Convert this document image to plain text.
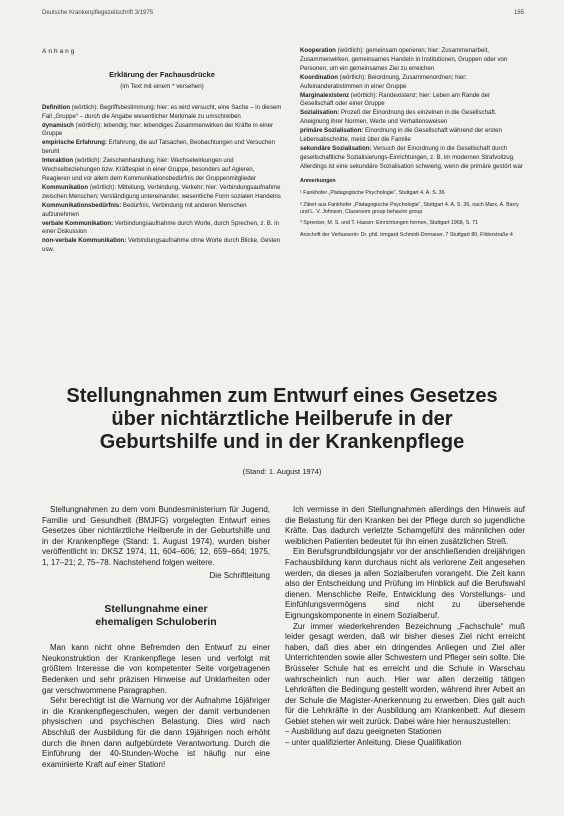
Deutsche Krankenpflegezeitschrift 3/1975	185
Anhang
Erklärung der Fachausdrücke
(im Text mit einem * versehen)

Definition (wörtlich): Begriffsbestimmung; hier: es wird versucht, eine Sache – in diesem Fall „Gruppe“ – durch die Angabe wesentlicher Merkmale zu umschreiben

dynamisch (wörtlich): lebendig; hier: lebendiges Zusammenwirken der Kräfte in einer Gruppe

empirische Erfahrung: Erfahrung, die auf Tatsachen, Beobachtungen und Versuchen beruht

Interaktion (wörtlich): Zwischenhandlung; hier: Wechselwirkungen und Wechselbeziehungen bzw. Kräftespiel in einer Gruppe, besonders auf Agieren, Reagieren und vor allem dem Kommunikationsbedürfnis der Gruppenmitglieder

Kommunikation (wörtlich): Mitteilung, Verbindung, Verkehr; hier: Verbindungsaufnahme zwischen Menschen; Verständigung untereinander, wesentliche Form sozialen Handelns

Kommunikationsbedürfnis: Bedürfnis, Verbindung mit anderen Menschen aufzunehmen

verbale Kommunikation: Verbindungsaufnahme durch Worte, durch Sprechen, z. B. in einer Diskussion

non-verbale Kommunikation: Verbindungsaufnahme ohne Worte durch Blicke, Gesten usw.

Kooperation (wörtlich): gemeinsam operieren; hier: Zusammenarbeit, Zusammenwirken, gemeinsames Handeln in Institutionen, Gruppen oder von Personen, um ein gemeinsames Ziel zu erreichen

Koordination (wörtlich): Beiordnung, Zusammenordnen; hier: Aufeinanderabstimmen in einer Gruppe

Marginalexistenz (wörtlich): Randexistenz; hier: Leben am Rande der Gesellschaft oder einer Gruppe

Sozialisation: Prozeß der Einordnung des einzelnen in die Gesellschaft. Aneignung ihrer Normen, Werte und Verhaltensweisen

primäre Sozialisation: Einordnung in die Gesellschaft während der ersten Lebensabschnitte, meist über die Familie

sekundäre Sozialisation: Versuch der Einordnung in die Gesellschaft durch gesellschaftliche Sozialisierungs-Einrichtungen, z. B. im modernen Strafvollzug. Allerdings ist eine sekundäre Sozialisation schwierig, wenn die primäre gestört war

Anmerkungen
¹ Fankhofer „Pädagogische Psychologie“, Stuttgart 4. A. S. 36
² Zitiert aus Fankhofer „Pädagogische Psychologie“, Stuttgart 4. A. S. 36, nach Marx, A. Barry und L. V. Johnson, Classroom group behavior group
³ Sprenker, M. S. und T. Hassin: Einrichtungen formen, Stuttgart 1968, S. 71
Anschrift der Verfasserin: Dr. phil. Irmgard Schmidt-Dornauer, 7 Stuttgart 80, Filderstraße 4
Stellungnahmen zum Entwurf eines Gesetzes
über nichtärztliche Heilberufe in der
Geburtshilfe und in der Krankenpflege
(Stand: 1. August 1974)

Stellungnahmen zu dem vom Bundesministerium für Jugend, Familie und Gesundheit (BMJFG) vorgelegten Entwurf eines Gesetzes über nichtärztliche Heilberufe in der Geburtshilfe und in der Krankenpflege (Stand: 1. August 1974), wurden bisher veröffentlicht in: DKSZ 1974, 11, 604–606; 12, 659–664; 1975, 1, 17–21; 2, 75–78. Nachstehend folgen weitere.

Die Schriftleitung
Stellungnahme einer
ehemaligen Schuloberin

Man kann nicht ohne Befremden den Entwurf zu einer Neukonstruktion der Krankenpflege lesen und verfolgt mit größtem Interesse die von kompetenter Seite vorgetragenen Bedenken und sehr präzisen Hinweise auf Unklarheiten oder gar verschwommene Paragraphen.

Sehr berechtigt ist die Warnung vor der Aufnahme 16jähriger in die Krankenpflegeschulen, wegen der damit verbundenen physischen und psychischen Belastung. Dies wird nach Abschluß der Ausbildung für die dann 19jährigen noch erhöht durch die ihnen dann aufgebürdete Verantwortung. Durch die Einführung der 40-Stunden-Woche ist häufig nur eine examinierte Kraft auf einer Station!

Ich vermisse in den Stellungnahmen allerdings den Hinweis auf die Belastung für den Kranken bei der Pflege durch so jugendliche Kräfte. Das dadurch verletzte Schamgefühl des männlichen oder weiblichen Patienten bedeutet für ihn einen zusätzlichen Streß.

Ein Berufsgrundbildungsjahr vor der anschließenden dreijährigen Fachausbildung kann durchaus nicht als verlorene Zeit angesehen werden, da dieses ja allen Sozialberufen vorangeht. Die Zeit kann also der Entscheidung und Prüfung im Hinblick auf die Berufswahl dienen. Menschliche Reife, Entwicklung des Vorstellungs- und Einfühlungsvermögens sind nicht zu übersehende Eignungskomponente in einem Sozialberuf.

Zur immer wiederkehrenden Bezeichnung „Fachschule“ muß leider gesagt werden, daß wir bisher dieses Ziel nicht erreicht haben, daß dies aber ein dringendes Anliegen und Ziel aller Unterrichtenden sowie aller Schwestern und Pfleger sein sollte. Die Brüsseler Schule hat es erreicht und die Schule in Warschau wahrscheinlich nun auch. Hier war allen derzeitig tätigen Lehrkräften die Bedingung gestellt worden, während ihrer Arbeit an der Schule die Magister-Anerkennung zu erwerben. Dies galt auch für die Lehrkräfte in der Ausbildung am Krankenbett. Auf diesem Gebiet stehen wir weit zurück. Dabei wäre hier herauszustellen:

– Ausbildung auf dazu geeigneten Stationen

– unter qualifizierter Anleitung. Diese Qualifikation
